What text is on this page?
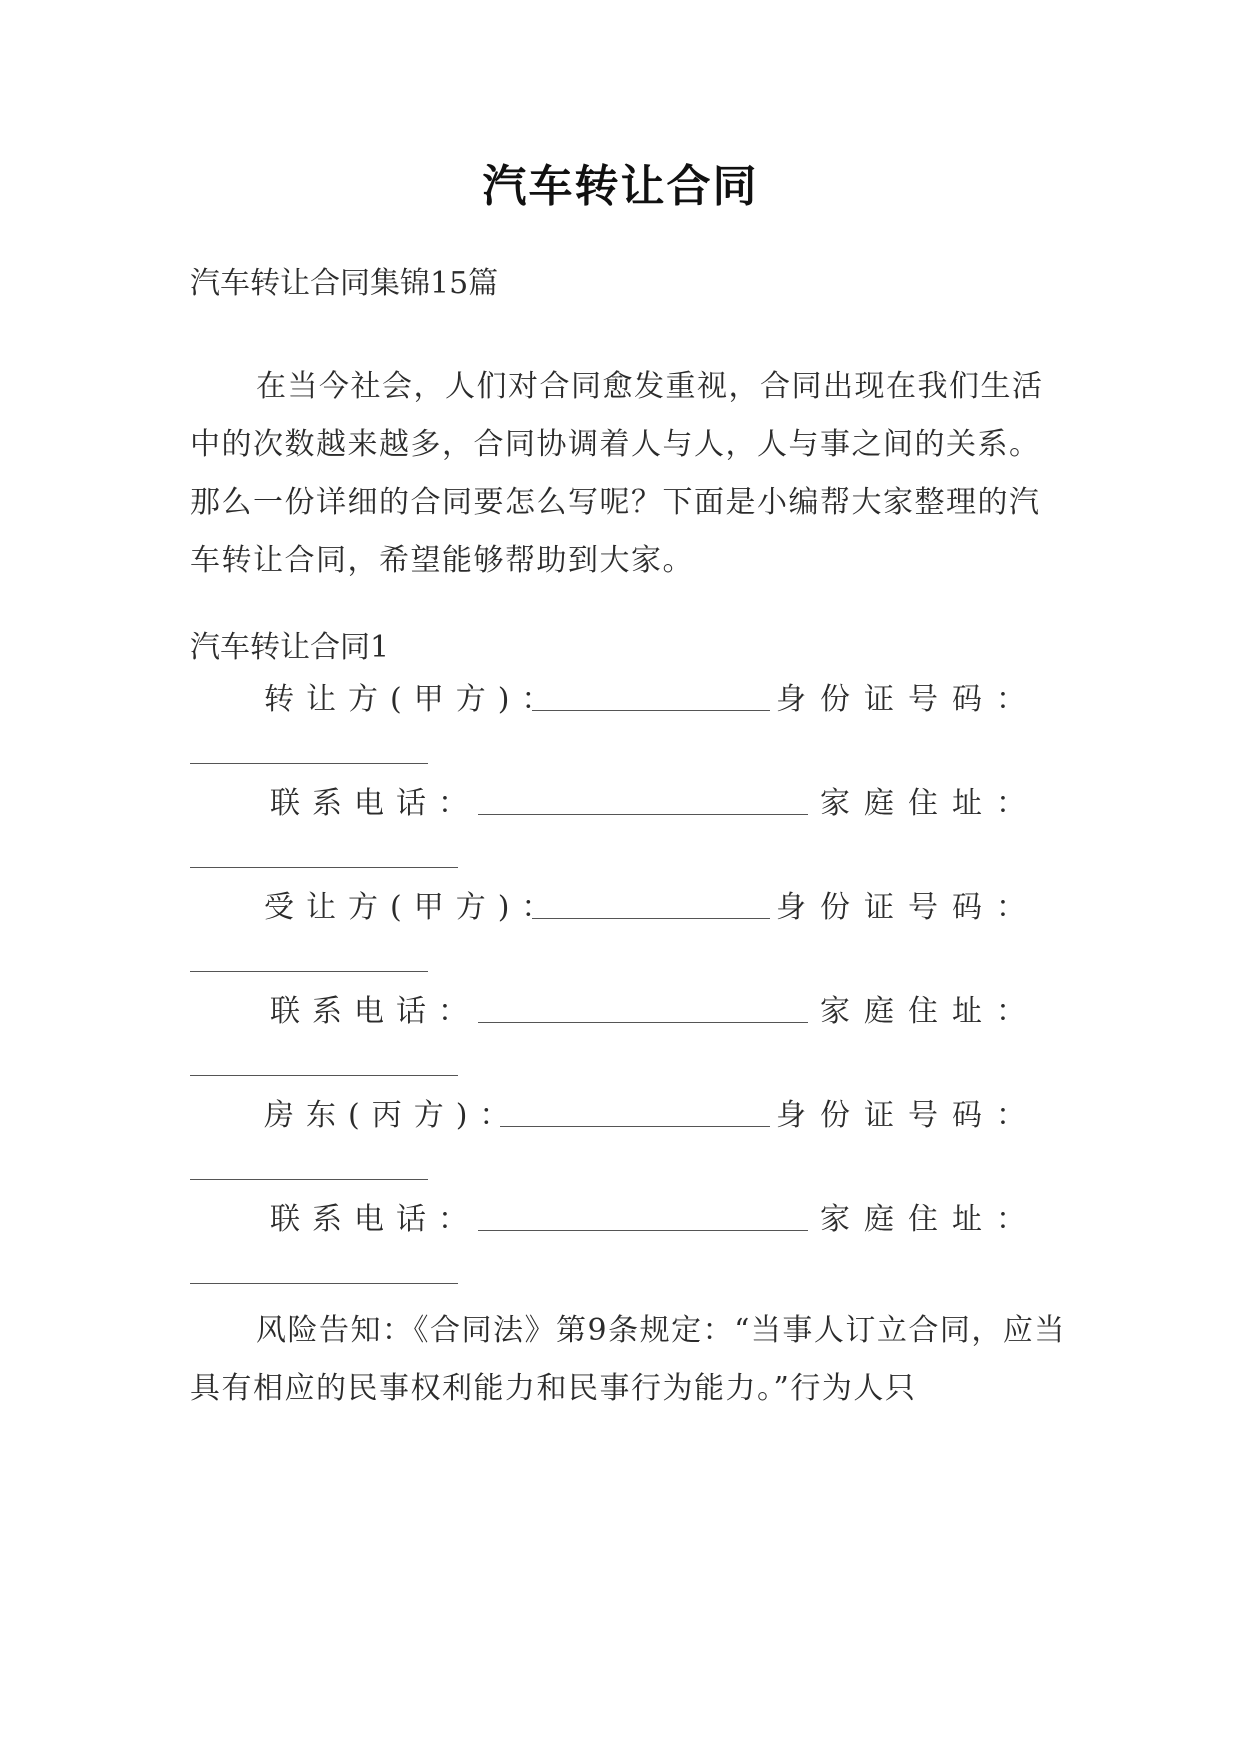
汽车转让合同
汽车转让合同集锦15篇
在当今社会，人们对合同愈发重视，合同出现在我们生活中的次数越来越多，合同协调着人与人，人与事之间的关系。那么一份详细的合同要怎么写呢？下面是小编帮大家整理的汽车转让合同，希望能够帮助到大家。
汽车转让合同1
转让方(甲方)：	身份证号码：
联系电话：	家庭住址：
受让方(甲方)：	身份证号码：
联系电话：	家庭住址：
房东(丙方)：	身份证号码：
联系电话：	家庭住址：
风险告知：《合同法》第9条规定：“当事人订立合同，应当具有相应的民事权利能力和民事行为能力。”行为人只
